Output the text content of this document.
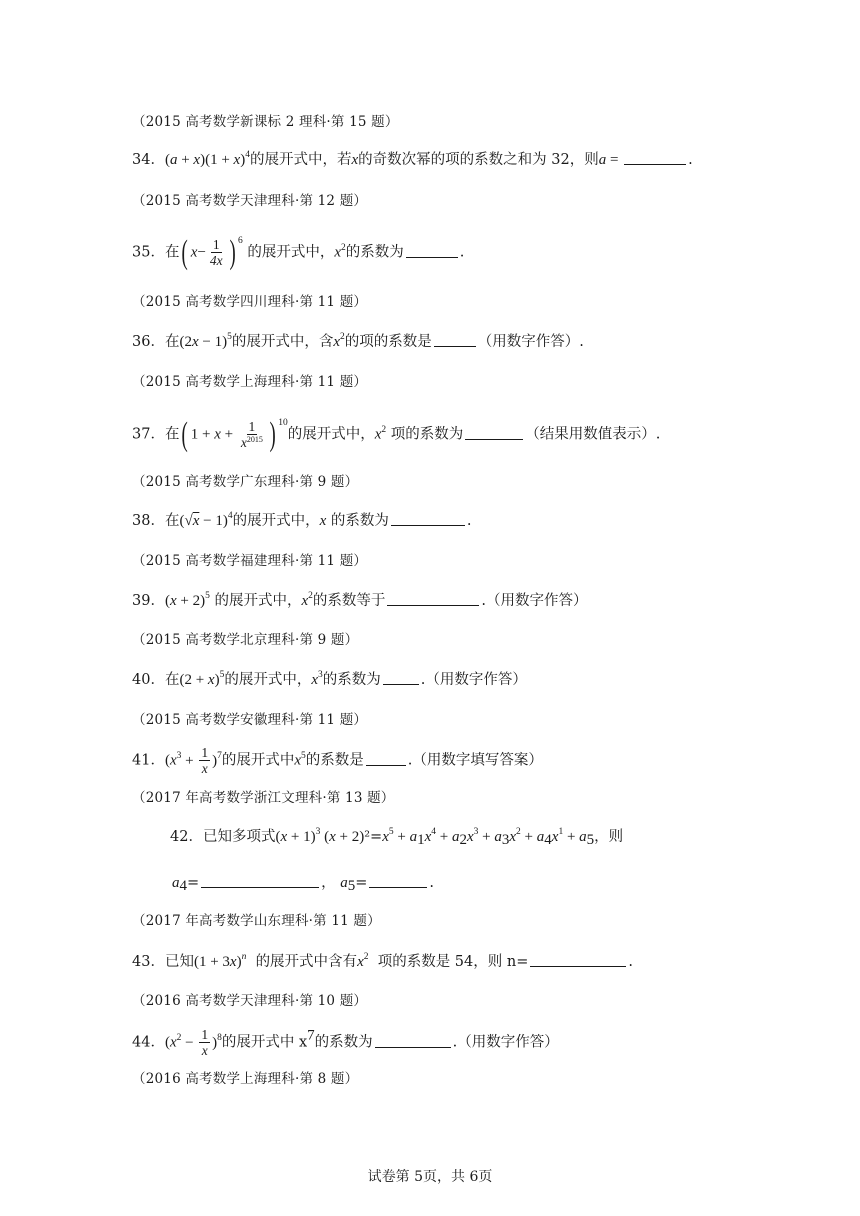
（2015 高考数学新课标 2 理科·第 15 题）
34．$(a + x)(1 + x)^4$的展开式中，若x的奇数次幂的项的系数之和为 32，则a =	.
（2015 高考数学天津理科·第 12 题）
35．在( $x- \frac{1}{4x}$ ) $^6$ 的展开式中，$x^2$的系数为	.
（2015 高考数学四川理科·第 11 题）
36．在$(2x - 1)^5$的展开式中，含$x^2$的项的系数是	（用数字作答）.
（2015 高考数学上海理科·第 11 题）
37．在( $1 + x + \frac{1}{x^{2015}}$ ) $^{10}$的展开式中，$x^2$ 项的系数为	（结果用数值表示）.
（2015 高考数学广东理科·第 9 题）
38．在$(√x - 1)^4$的展开式中，x 的系数为	.
（2015 高考数学福建理科·第 11 题）
39．$(x + 2)^5$ 的展开式中，$x^2$的系数等于	.（用数字作答）
（2015 高考数学北京理科·第 9 题）
40．在$(2 + x)^5$的展开式中，$x^3$的系数为	.（用数字作答）
（2015 高考数学安徽理科·第 11 题）
41．$(x^3 + \frac{1}{x} )^7$的展开式中$x^5$的系数是	.（用数字填写答案）
（2017 年高考数学浙江文理科·第 13 题）
42．已知多项式$(x + 1)^3$ $(x + 2)^2=x^5 + a_1x^4 + a_2x^3 + a_3x^2 + a_4x^1 + a_5$，则
$a_4=$	， $a_5=$	.
（2017 年高考数学山东理科·第 11 题）
43．已知$(1 + 3x)^n$ 的展开式中含有$x^2$ 项的系数是 54，则 n=	.
（2016 高考数学天津理科·第 10 题）
44．$(x^2 - \frac{1}{x} )^8$的展开式中 $x^7$的系数为	.（用数字作答）
（2016 高考数学上海理科·第 8 题）
试卷第 5页，共 6页
